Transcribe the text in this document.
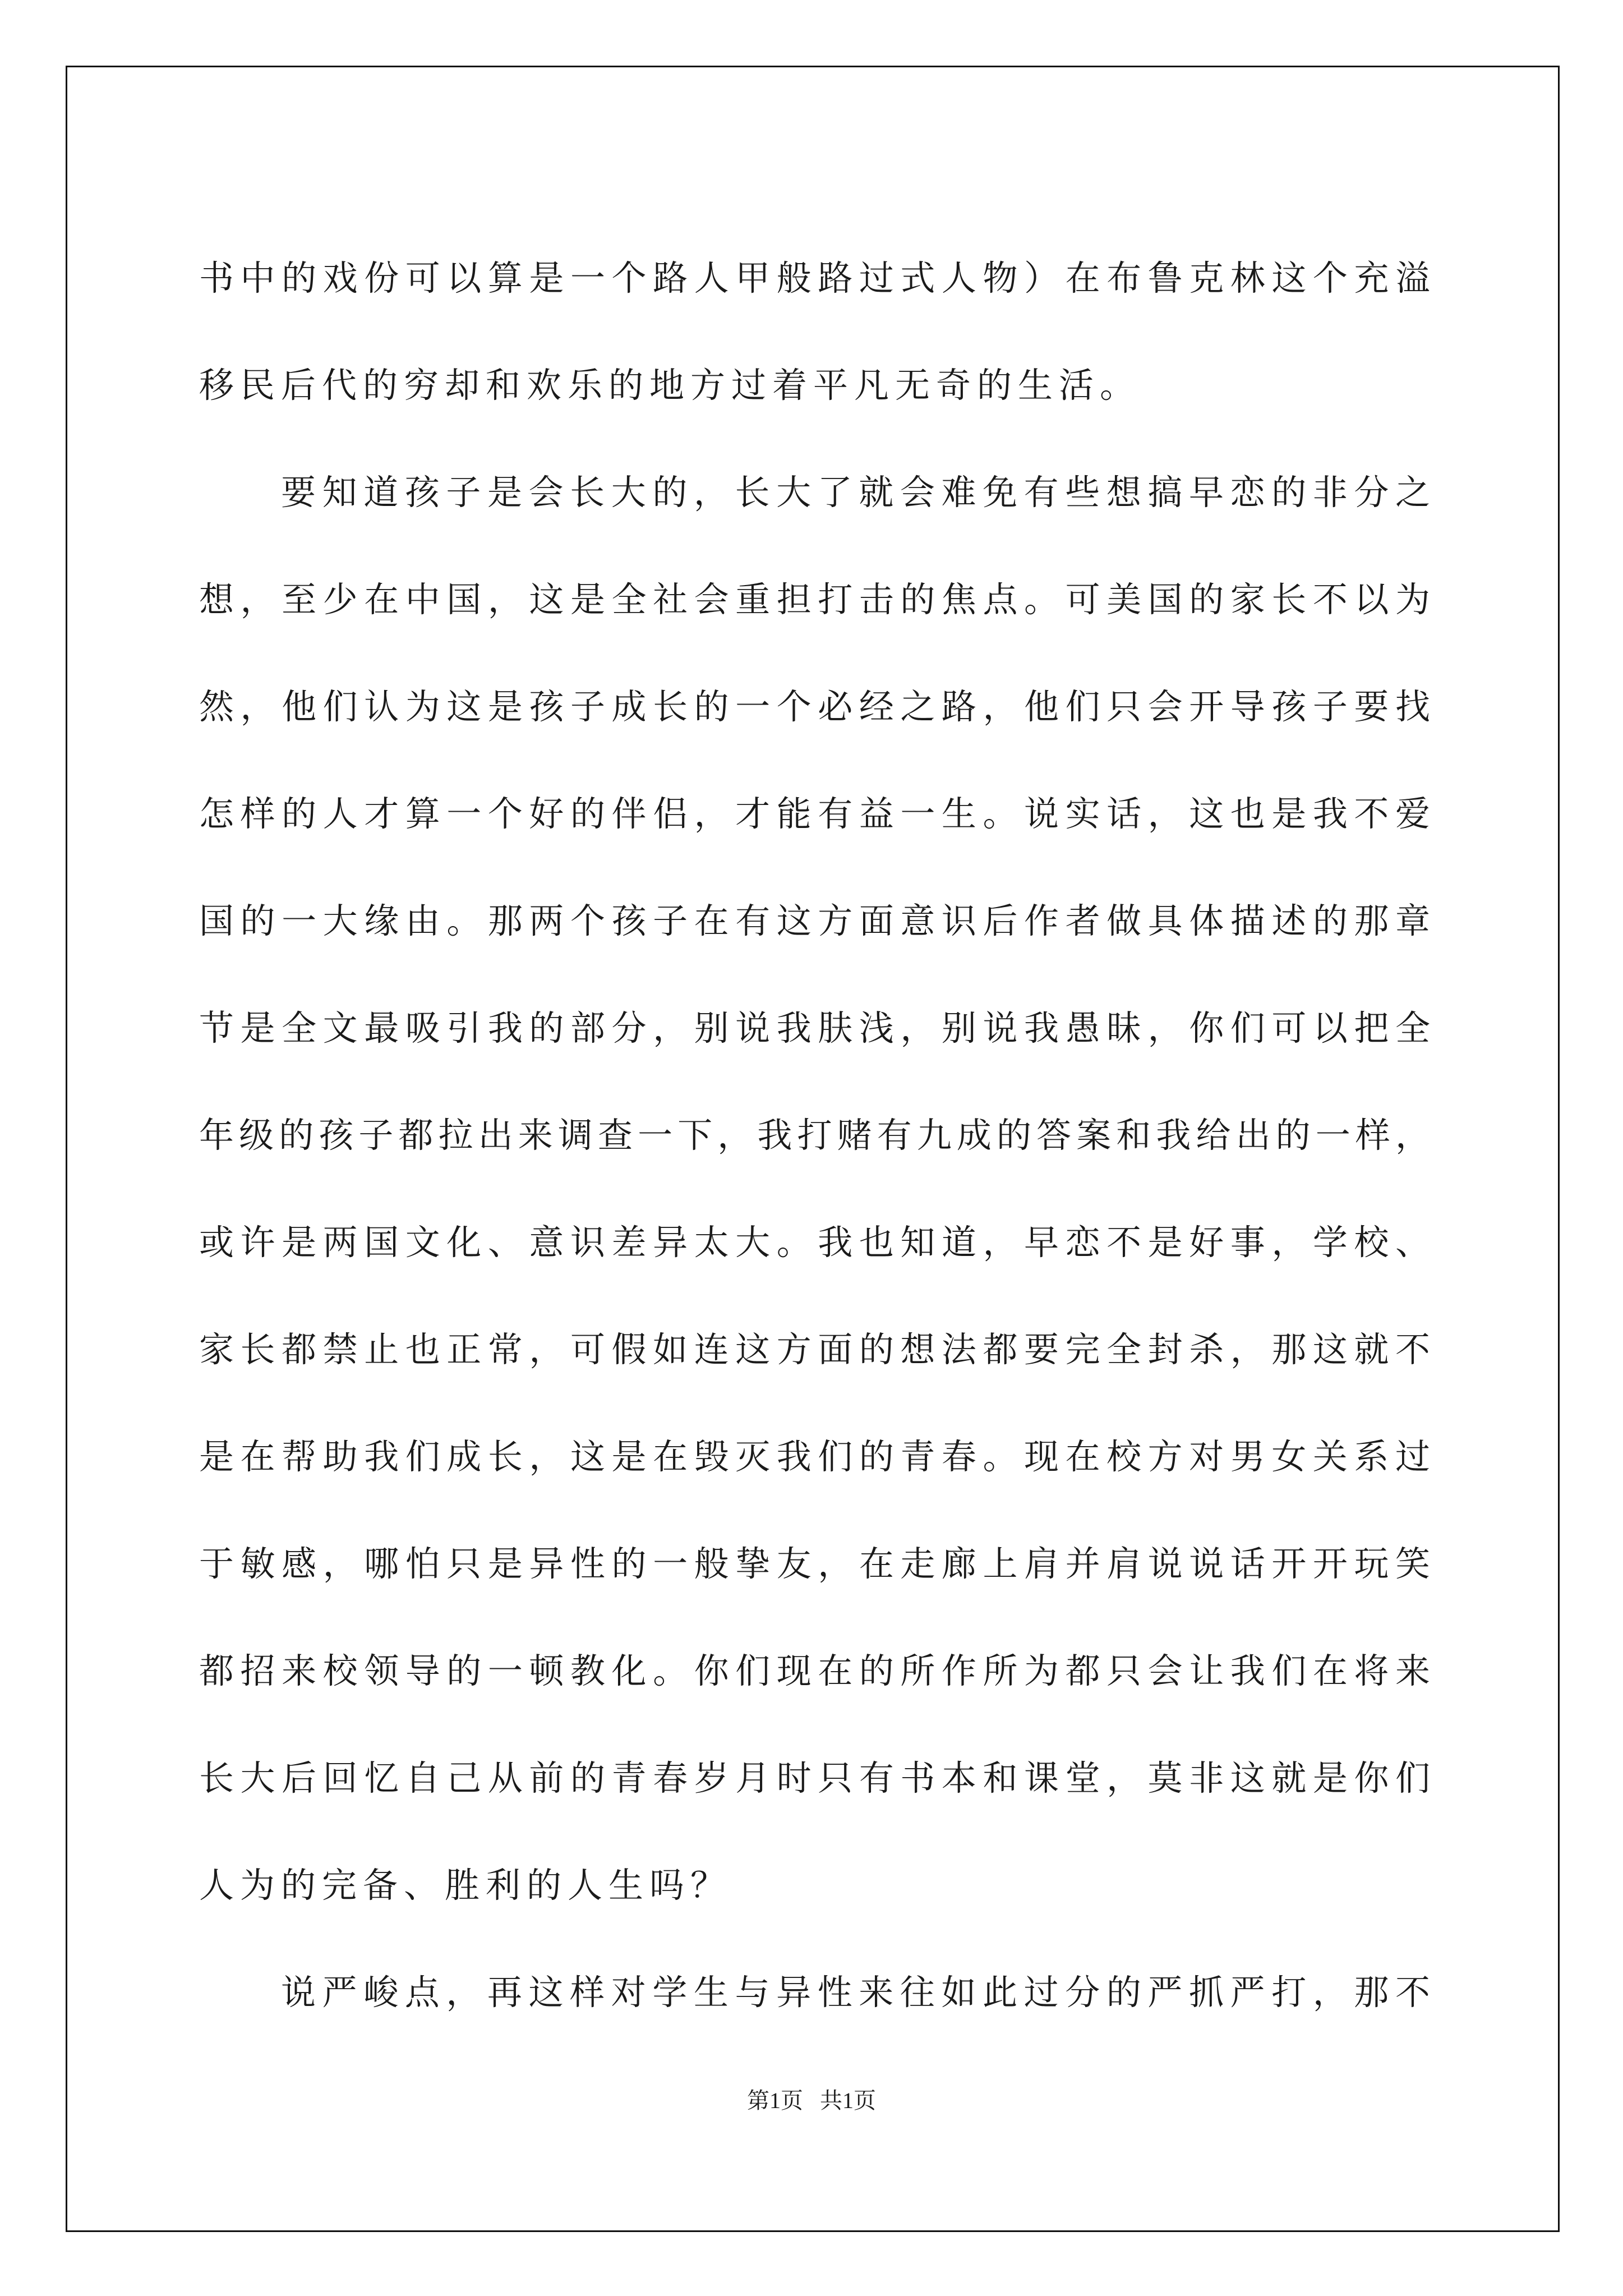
书中的戏份可以算是一个路人甲般路过式人物）在布鲁克林这个充溢
移民后代的穷却和欢乐的地方过着平凡无奇的生活。
要知道孩子是会长大的，长大了就会难免有些想搞早恋的非分之
想，至少在中国，这是全社会重担打击的焦点。可美国的家长不以为
然，他们认为这是孩子成长的一个必经之路，他们只会开导孩子要找
怎样的人才算一个好的伴侣，才能有益一生。说实话，这也是我不爱
国的一大缘由。那两个孩子在有这方面意识后作者做具体描述的那章
节是全文最吸引我的部分，别说我肤浅，别说我愚昧，你们可以把全
年级的孩子都拉出来调查一下，我打赌有九成的答案和我给出的一样，
或许是两国文化、意识差异太大。我也知道，早恋不是好事，学校、
家长都禁止也正常，可假如连这方面的想法都要完全封杀，那这就不
是在帮助我们成长，这是在毁灭我们的青春。现在校方对男女关系过
于敏感，哪怕只是异性的一般挚友，在走廊上肩并肩说说话开开玩笑
都招来校领导的一顿教化。你们现在的所作所为都只会让我们在将来
长大后回忆自己从前的青春岁月时只有书本和课堂，莫非这就是你们
人为的完备、胜利的人生吗？
说严峻点，再这样对学生与异性来往如此过分的严抓严打，那不
第1页   共1页
